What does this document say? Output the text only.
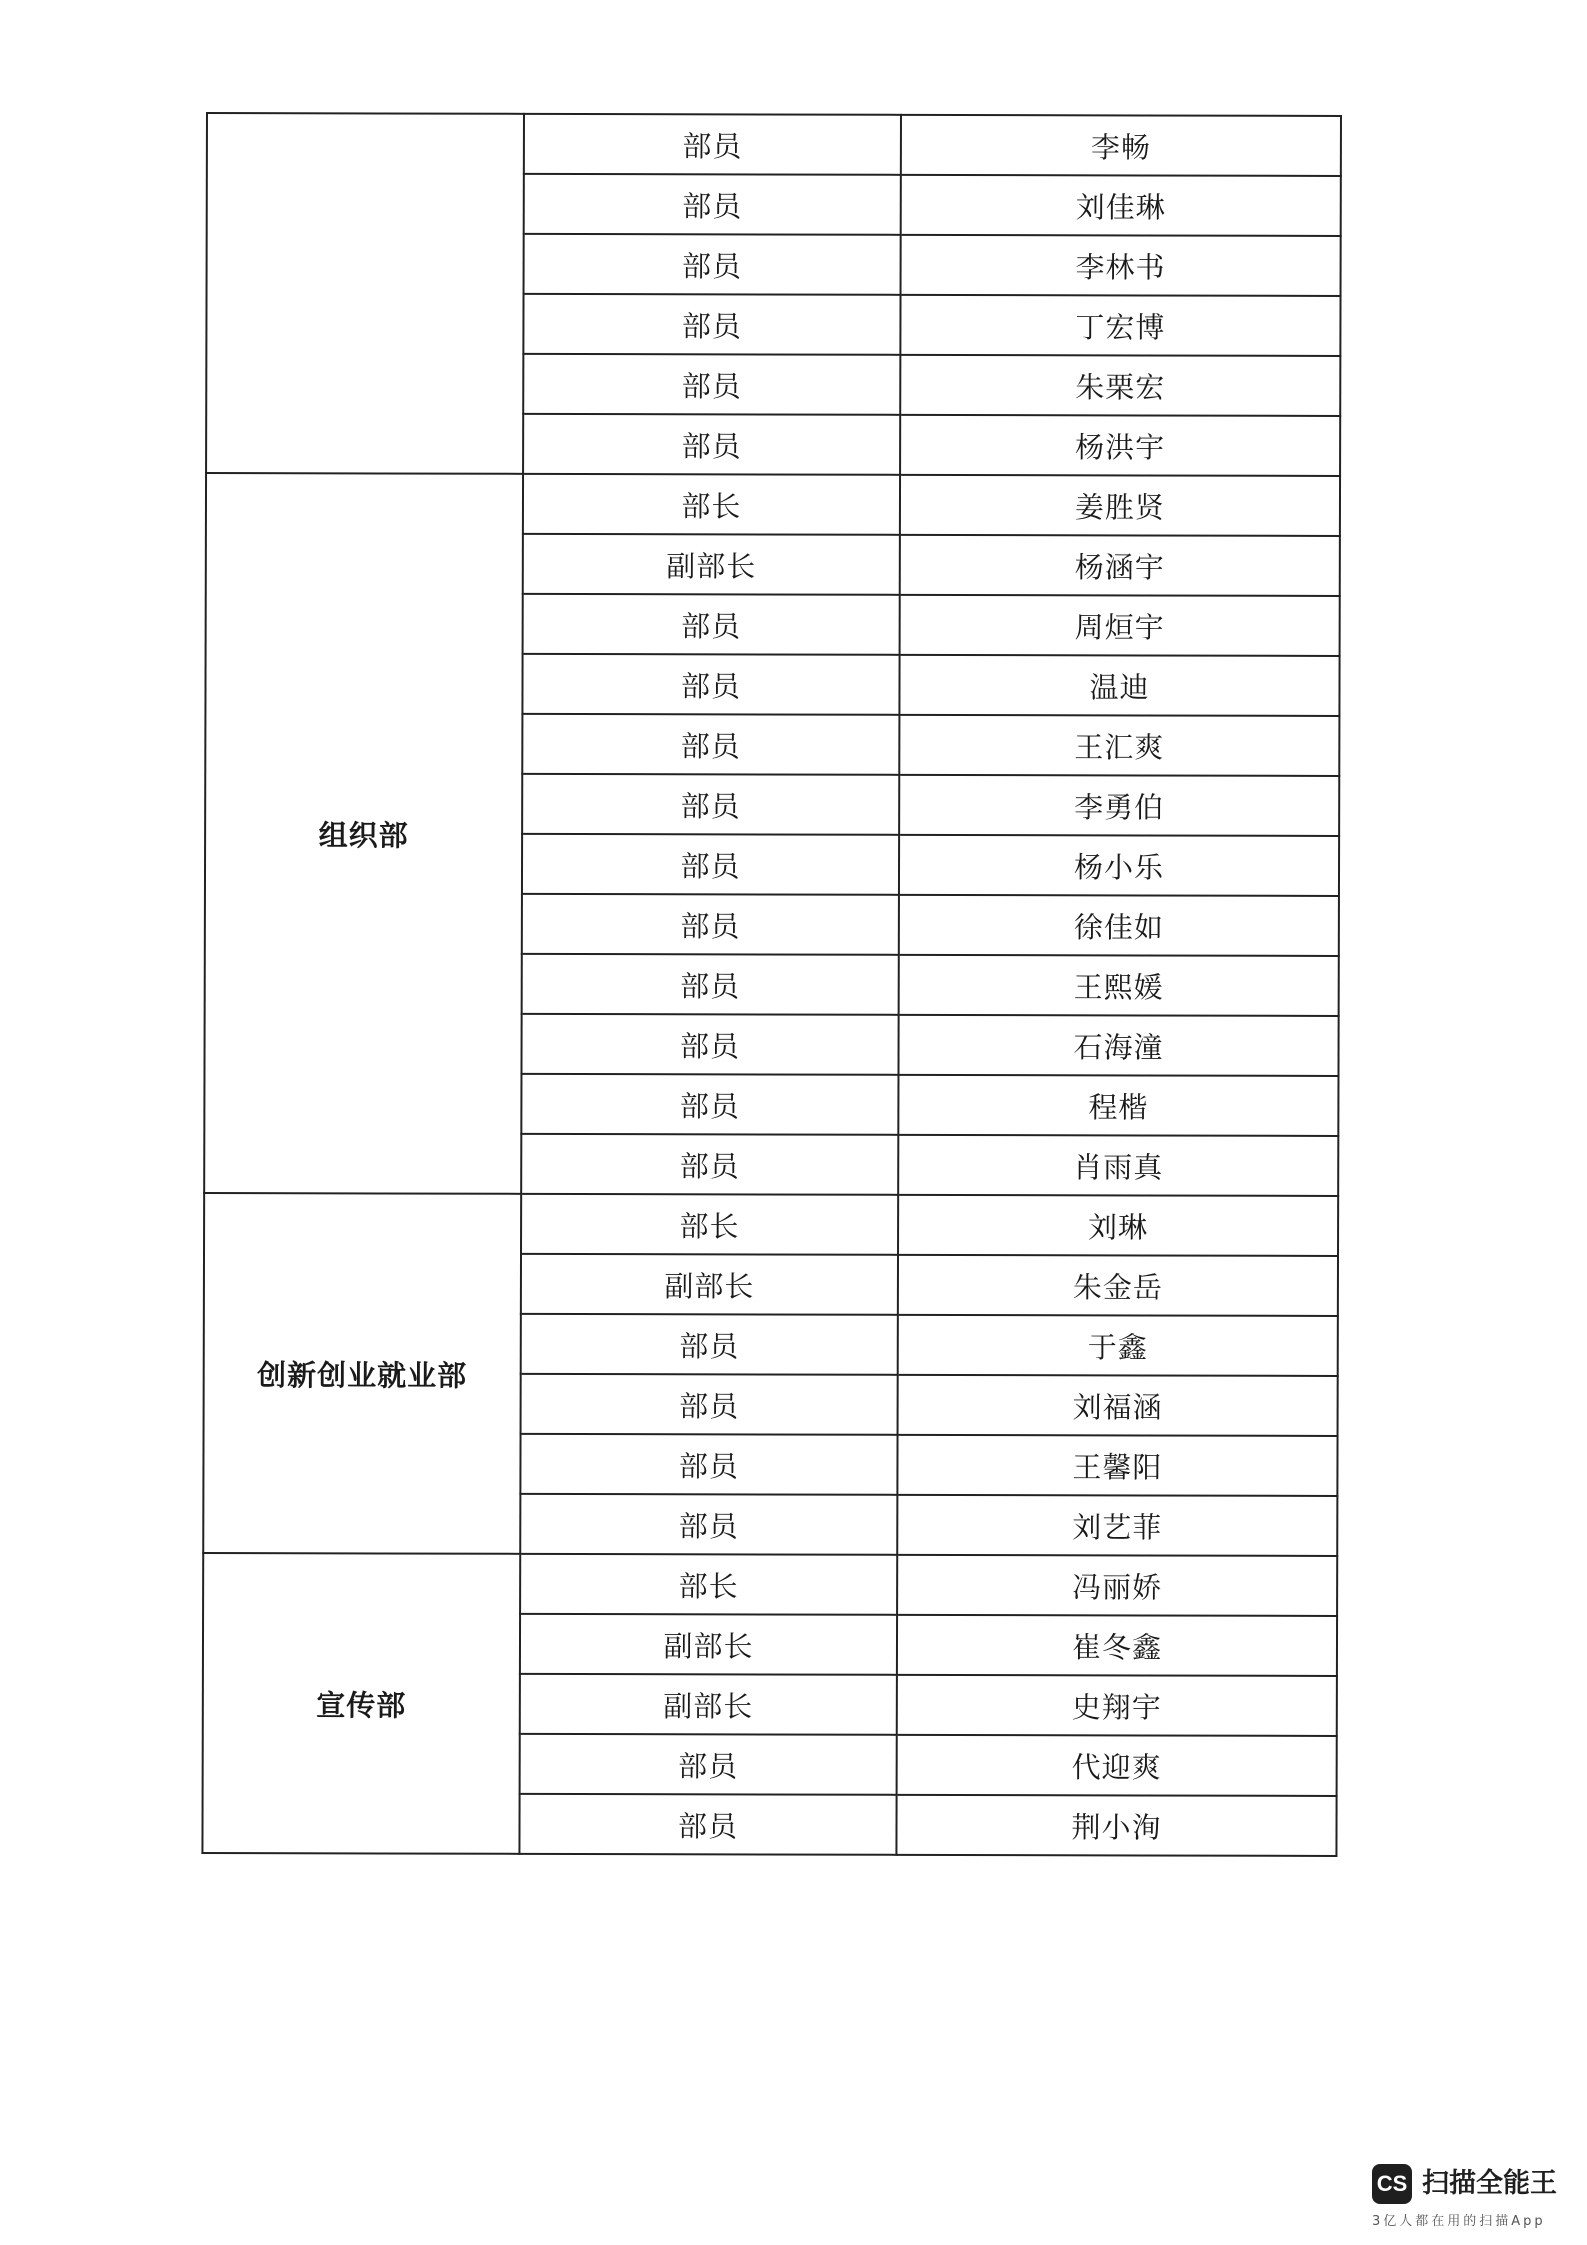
	部员	李畅
	部员	刘佳琳
	部员	李林书
	部员	丁宏博
	部员	朱栗宏
	部员	杨洪宇
组织部	部长	姜胜贤
	副部长	杨涵宇
	部员	周烜宇
	部员	温迪
	部员	王汇爽
	部员	李勇伯
	部员	杨小乐
	部员	徐佳如
	部员	王熙媛
	部员	石海潼
	部员	程楷
	部员	肖雨真
创新创业就业部	部长	刘琳
	副部长	朱金岳
	部员	于鑫
	部员	刘福涵
	部员	王馨阳
	部员	刘艺菲
宣传部	部长	冯丽娇
	副部长	崔冬鑫
	副部长	史翔宇
	部员	代迎爽
	部员	荆小洵
CS 扫描全能王
3亿人都在用的扫描App
